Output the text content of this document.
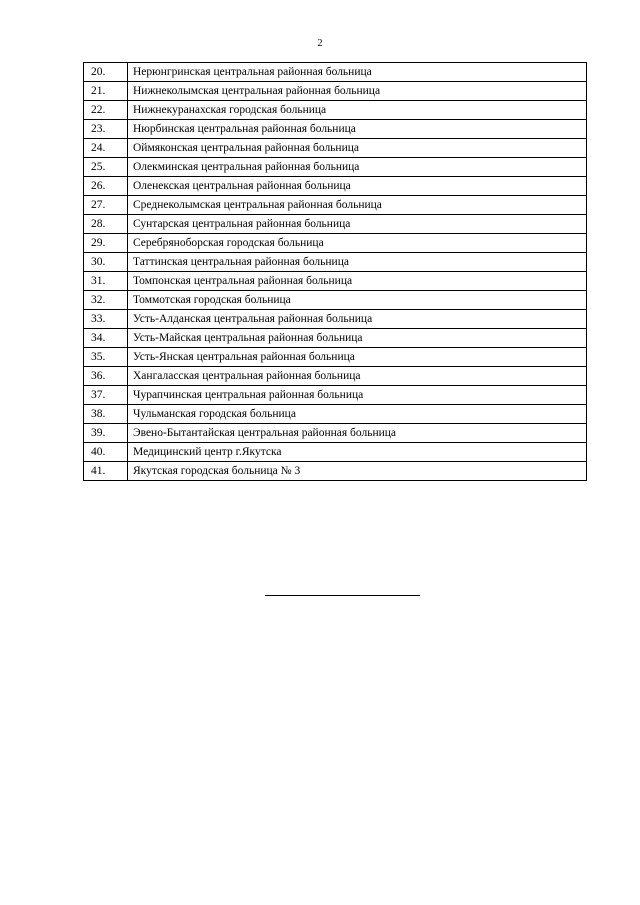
2
20.	Нерюнгринская центральная районная больница
21.	Нижнеколымская центральная районная больница
22.	Нижнекуранахская городская больница
23.	Нюрбинская центральная районная больница
24.	Оймяконская центральная районная больница
25.	Олекминская центральная районная больница
26.	Оленекская центральная районная больница
27.	Среднеколымская центральная районная больница
28.	Сунтарская центральная районная больница
29.	Серебряноборская городская больница
30.	Таттинская центральная районная больница
31.	Томпонская центральная районная больница
32.	Томмотская городская больница
33.	Усть-Алданская центральная районная больница
34.	Усть-Майская центральная районная больница
35.	Усть-Янская центральная районная больница
36.	Хангаласская центральная районная больница
37.	Чурапчинская центральная районная больница
38.	Чульманская городская больница
39.	Эвено-Бытантайская центральная районная больница
40.	Медицинский центр г.Якутска
41.	Якутская городская больница № 3
